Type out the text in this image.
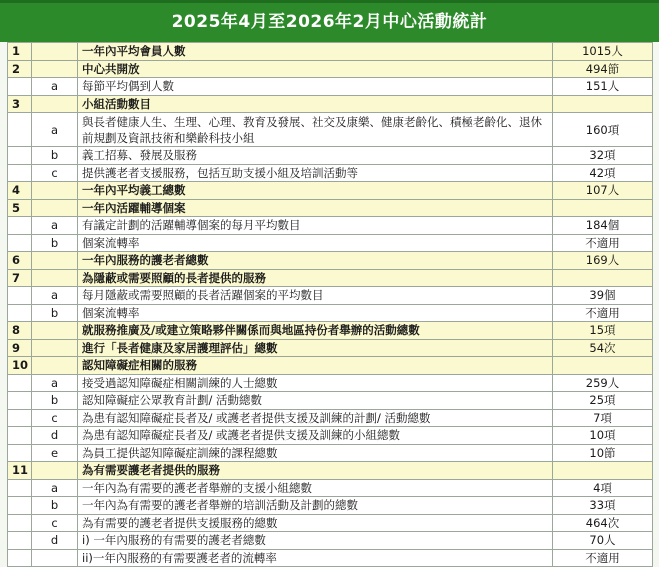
2025年4月至2026年2月中心活動統計
1		一年內平均會員人數	1015人
2		中心共開放	494節
	a	每節平均偶到人數	151人
3		小組活動數目	
	a	與長者健康人生、生理、心理、教育及發展、社交及康樂、健康老齡化、積極老齡化、退休前規劃及資訊技術和樂齡科技小組	160項
	b	義工招募、發展及服務	32項
	c	提供護老者支援服務，包括互助支援小組及培訓活動等	42項
4		一年內平均義工總數	107人
5		一年內活躍輔導個案	
	a	有議定計劃的活躍輔導個案的每月平均數目	184個
	b	個案流轉率	不適用
6		一年內服務的護老者總數	169人
7		為隱蔽或需要照顧的長者提供的服務	
	a	每月隱蔽或需要照顧的長者活躍個案的平均數目	39個
	b	個案流轉率	不適用
8		就服務推廣及/或建立策略夥伴關係而與地區持份者舉辦的活動總數	15項
9		進行「長者健康及家居護理評估」總數	54次
10		認知障礙症相關的服務	
	a	接受過認知障礙症相關訓練的人士總數	259人
	b	認知障礙症公眾教育計劃/ 活動總數	25項
	c	為患有認知障礙症長者及/ 或護老者提供支援及訓練的計劃/ 活動總數	7項
	d	為患有認知障礙症長者及/ 或護老者提供支援及訓練的小組總數	10項
	e	為員工提供認知障礙症訓練的課程總數	10節
11		為有需要護老者提供的服務	
	a	一年內為有需要的護老者舉辦的支援小組總數	4項
	b	一年內為有需要的護老者舉辦的培訓活動及計劃的總數	33項
	c	為有需要的護老者提供支援服務的總數	464次
	d	i) 一年內服務的有需要的護老者總數	70人
		ii)一年內服務的有需要護老者的流轉率	不適用
